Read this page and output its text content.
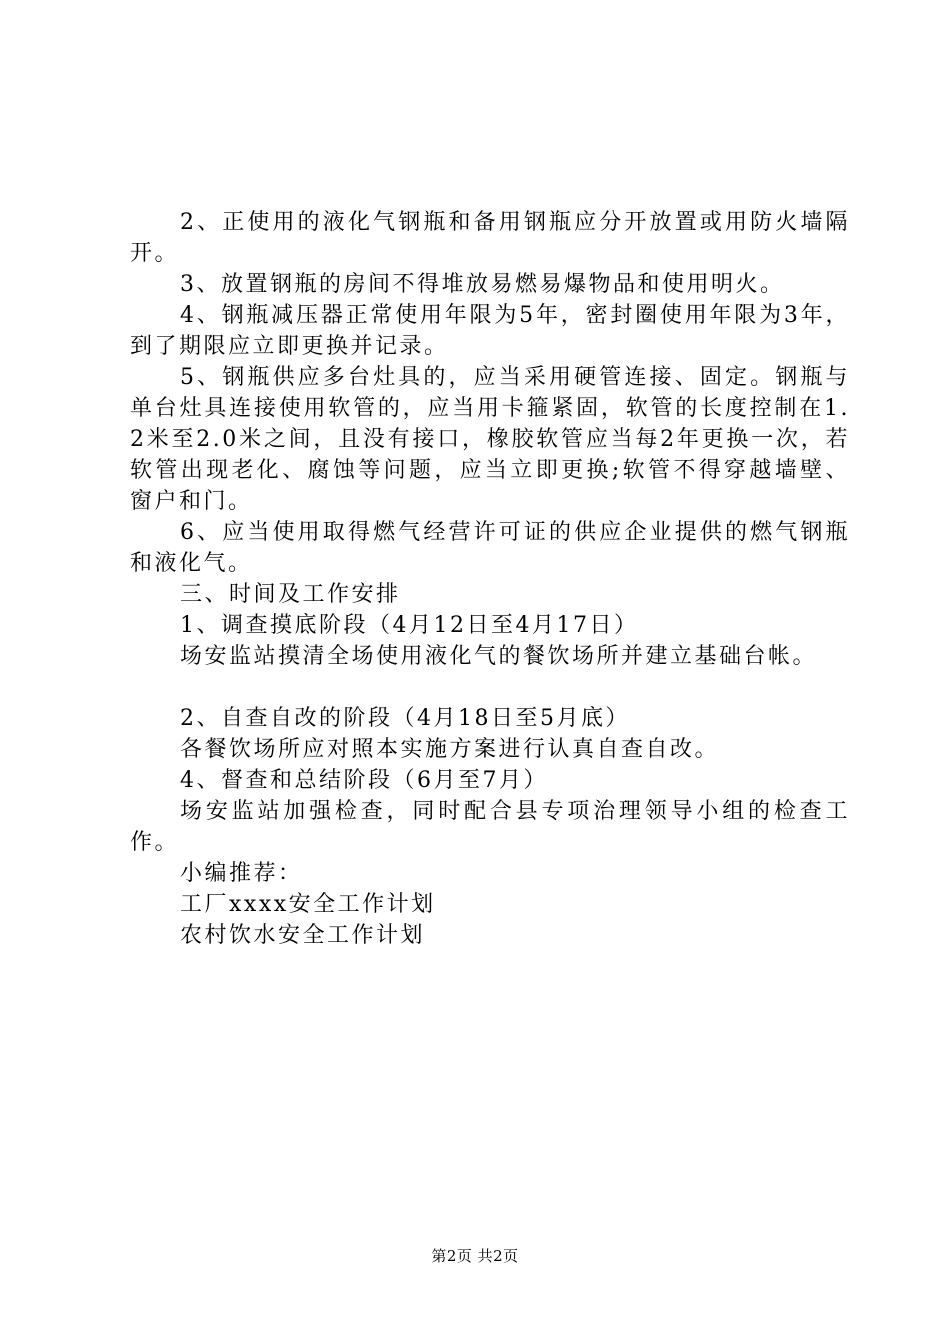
2、正使用的液化气钢瓶和备用钢瓶应分开放置或用防火墙隔开。

3、放置钢瓶的房间不得堆放易燃易爆物品和使用明火。

4、钢瓶减压器正常使用年限为5年，密封圈使用年限为3年，到了期限应立即更换并记录。

5、钢瓶供应多台灶具的，应当采用硬管连接、固定。钢瓶与单台灶具连接使用软管的，应当用卡箍紧固，软管的长度控制在1.2米至2.0米之间，且没有接口，橡胶软管应当每2年更换一次，若软管出现老化、腐蚀等问题，应当立即更换;软管不得穿越墙壁、窗户和门。

6、应当使用取得燃气经营许可证的供应企业提供的燃气钢瓶和液化气。

三、时间及工作安排

1、调查摸底阶段（4月12日至4月17日）

场安监站摸清全场使用液化气的餐饮场所并建立基础台帐。

2、自查自改的阶段（4月18日至5月底）

各餐饮场所应对照本实施方案进行认真自查自改。

4、督查和总结阶段（6月至7月）

场安监站加强检查，同时配合县专项治理领导小组的检查工作。

小编推荐：

工厂xxxx安全工作计划

农村饮水安全工作计划

第2页 共2页
